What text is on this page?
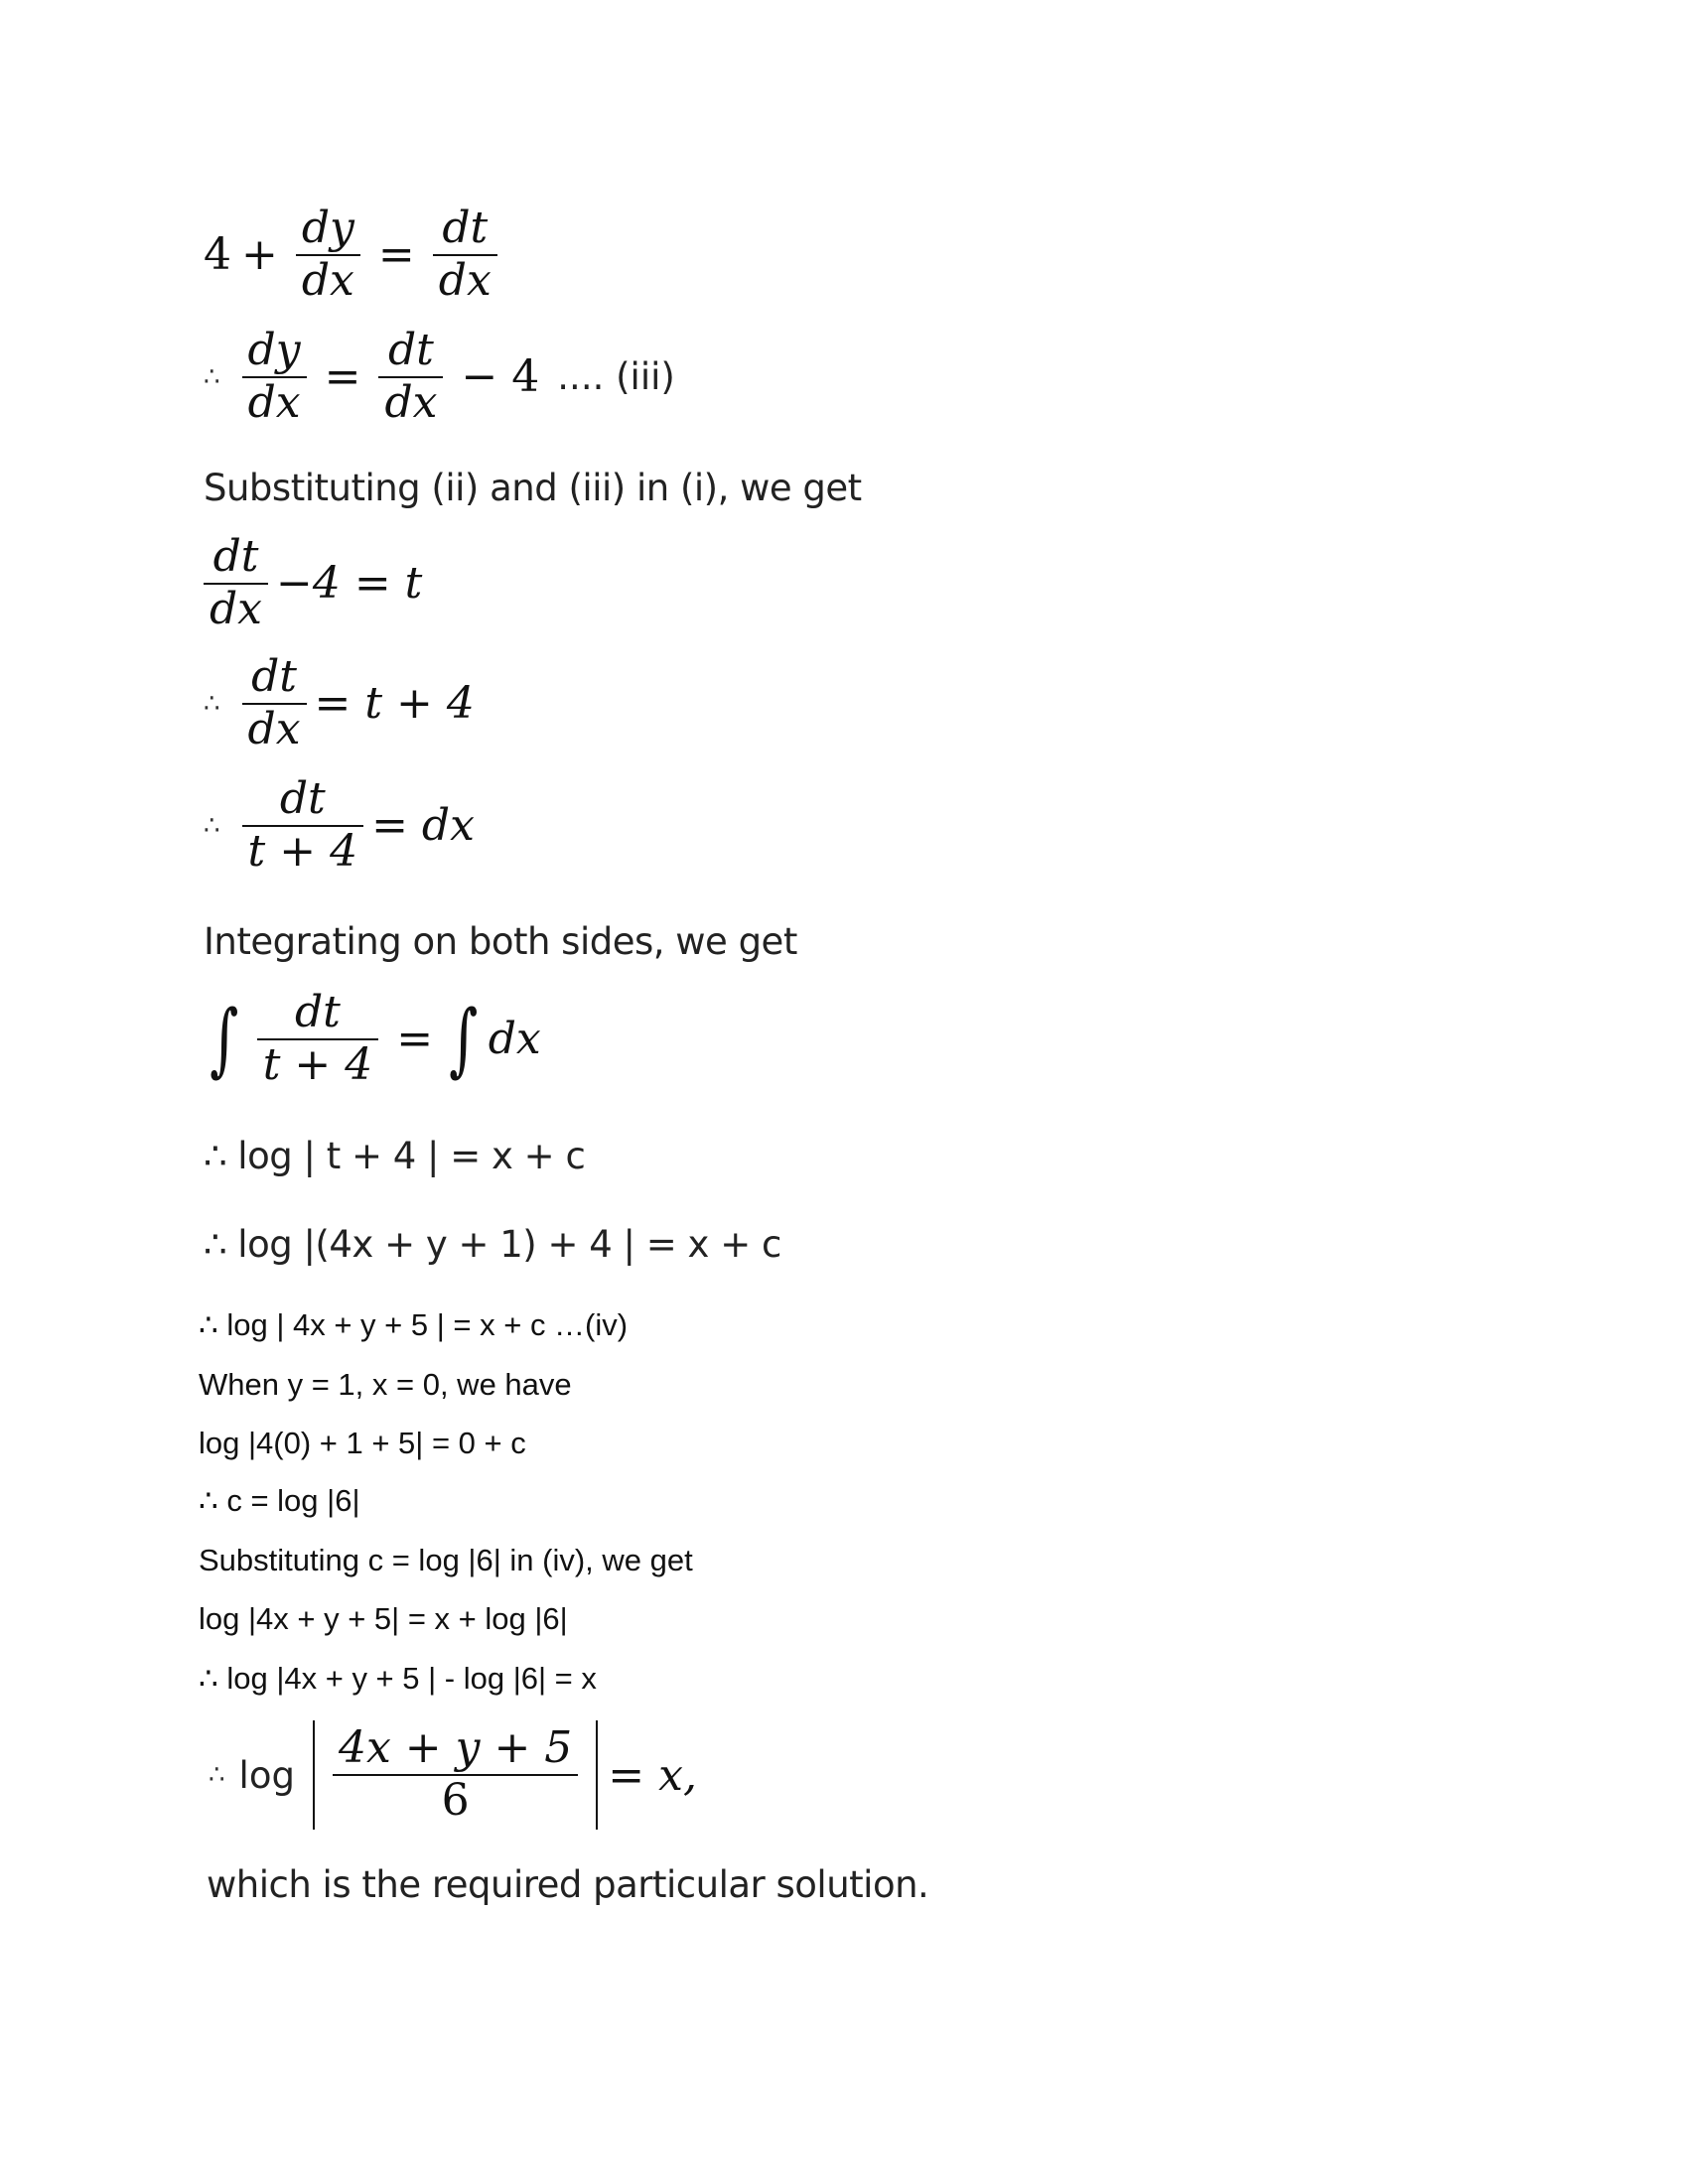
$4 + \frac{dy}{dx} = \frac{dt}{dx}$
∴ $\frac{dy}{dx} = \frac{dt}{dx} - 4$ .... (iii)
Substituting (ii) and (iii) in (i), we get
$\frac{dt}{dx} -4 = t$
∴ $\frac{dt}{dx} = t + 4$
∴ $\frac{dt}{t + 4}$ = dx
Integrating on both sides, we get
∫ $\frac{dt}{t + 4}$ = ∫ dx
∴ log | t + 4 | = x + c
∴ log |(4x + y + 1) + 4 | = x + c
∴ log | 4x + y + 5 | = x + c …(iv)
When y = 1, x = 0, we have
log |4(0) + 1 + 5| = 0 + c
∴ c = log |6|
Substituting c = log |6| in (iv), we get
log |4x + y + 5| = x + log |6|
∴ log |4x + y + 5 | - log |6| = x
∴ $\log \frac{4x + y + 5}{6} = x$,
which is the required particular solution.
